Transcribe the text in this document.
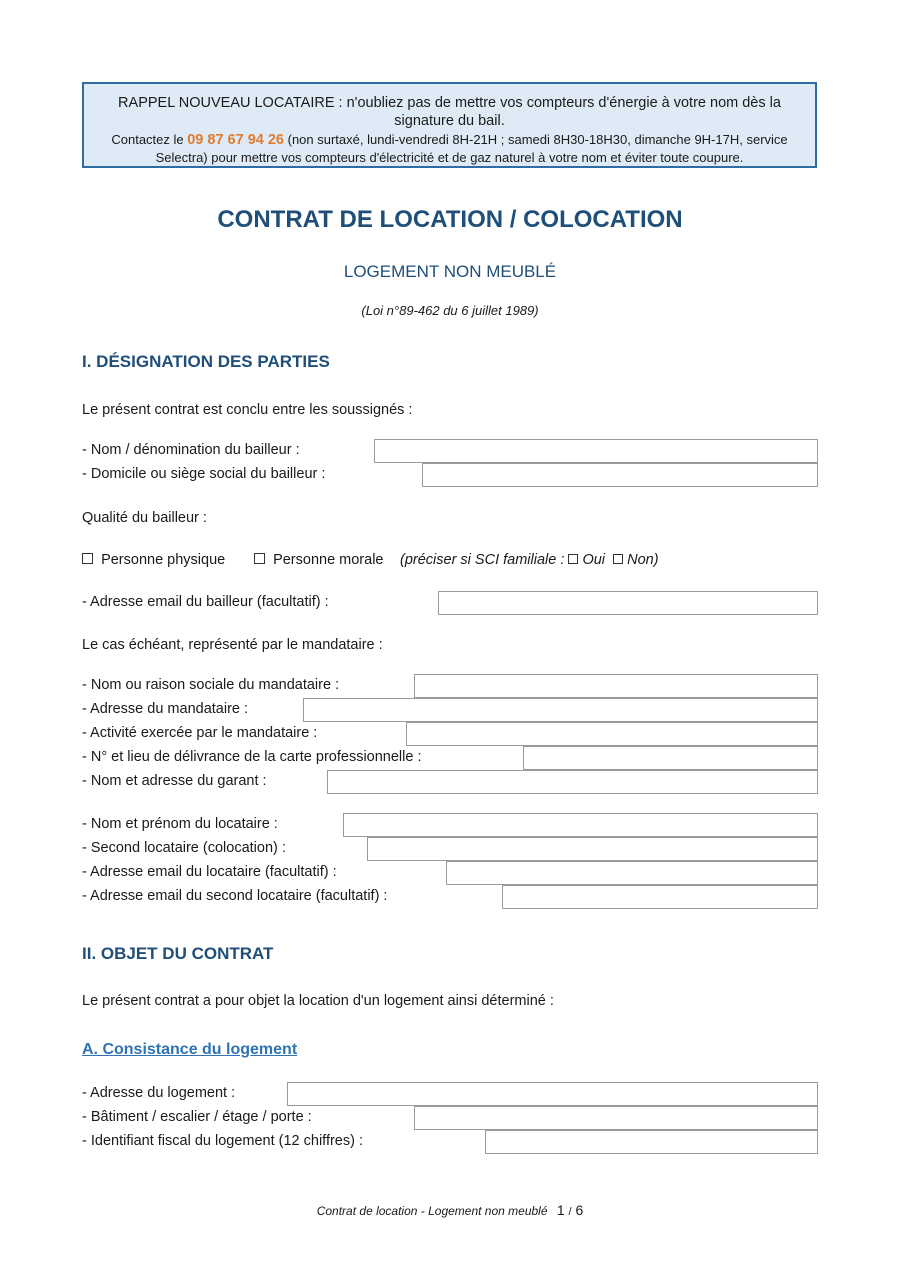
RAPPEL NOUVEAU LOCATAIRE : n'oubliez pas de mettre vos compteurs d'énergie à votre nom dès la signature du bail.
Contactez le 09 87 67 94 26 (non surtaxé, lundi-vendredi 8H-21H ; samedi 8H30-18H30, dimanche 9H-17H, service Selectra) pour mettre vos compteurs d'électricité et de gaz naturel à votre nom et éviter toute coupure.
CONTRAT DE LOCATION / COLOCATION
LOGEMENT NON MEUBLÉ
(Loi n°89-462 du 6 juillet 1989)
I. DÉSIGNATION DES PARTIES
Le présent contrat est conclu entre les soussignés :
- Nom / dénomination du bailleur :
- Domicile ou siège social du bailleur :
Qualité du bailleur :
Personne physique	Personne morale (préciser si SCI familiale :  Oui Non)
- Adresse email du bailleur (facultatif) :
Le cas échéant, représenté par le mandataire :
- Nom ou raison sociale du mandataire :
- Adresse du mandataire :
- Activité exercée par le mandataire :
- N° et lieu de délivrance de la carte professionnelle :
- Nom et adresse du garant :
- Nom et prénom du locataire :
- Second locataire (colocation) :
- Adresse email du locataire (facultatif) :
- Adresse email du second locataire (facultatif) :
II. OBJET DU CONTRAT
Le présent contrat a pour objet la location d'un logement ainsi déterminé :
A. Consistance du logement
- Adresse du logement :
- Bâtiment / escalier / étage / porte :
- Identifiant fiscal du logement (12 chiffres) :
Contrat de location - Logement non meublé 1 / 6
